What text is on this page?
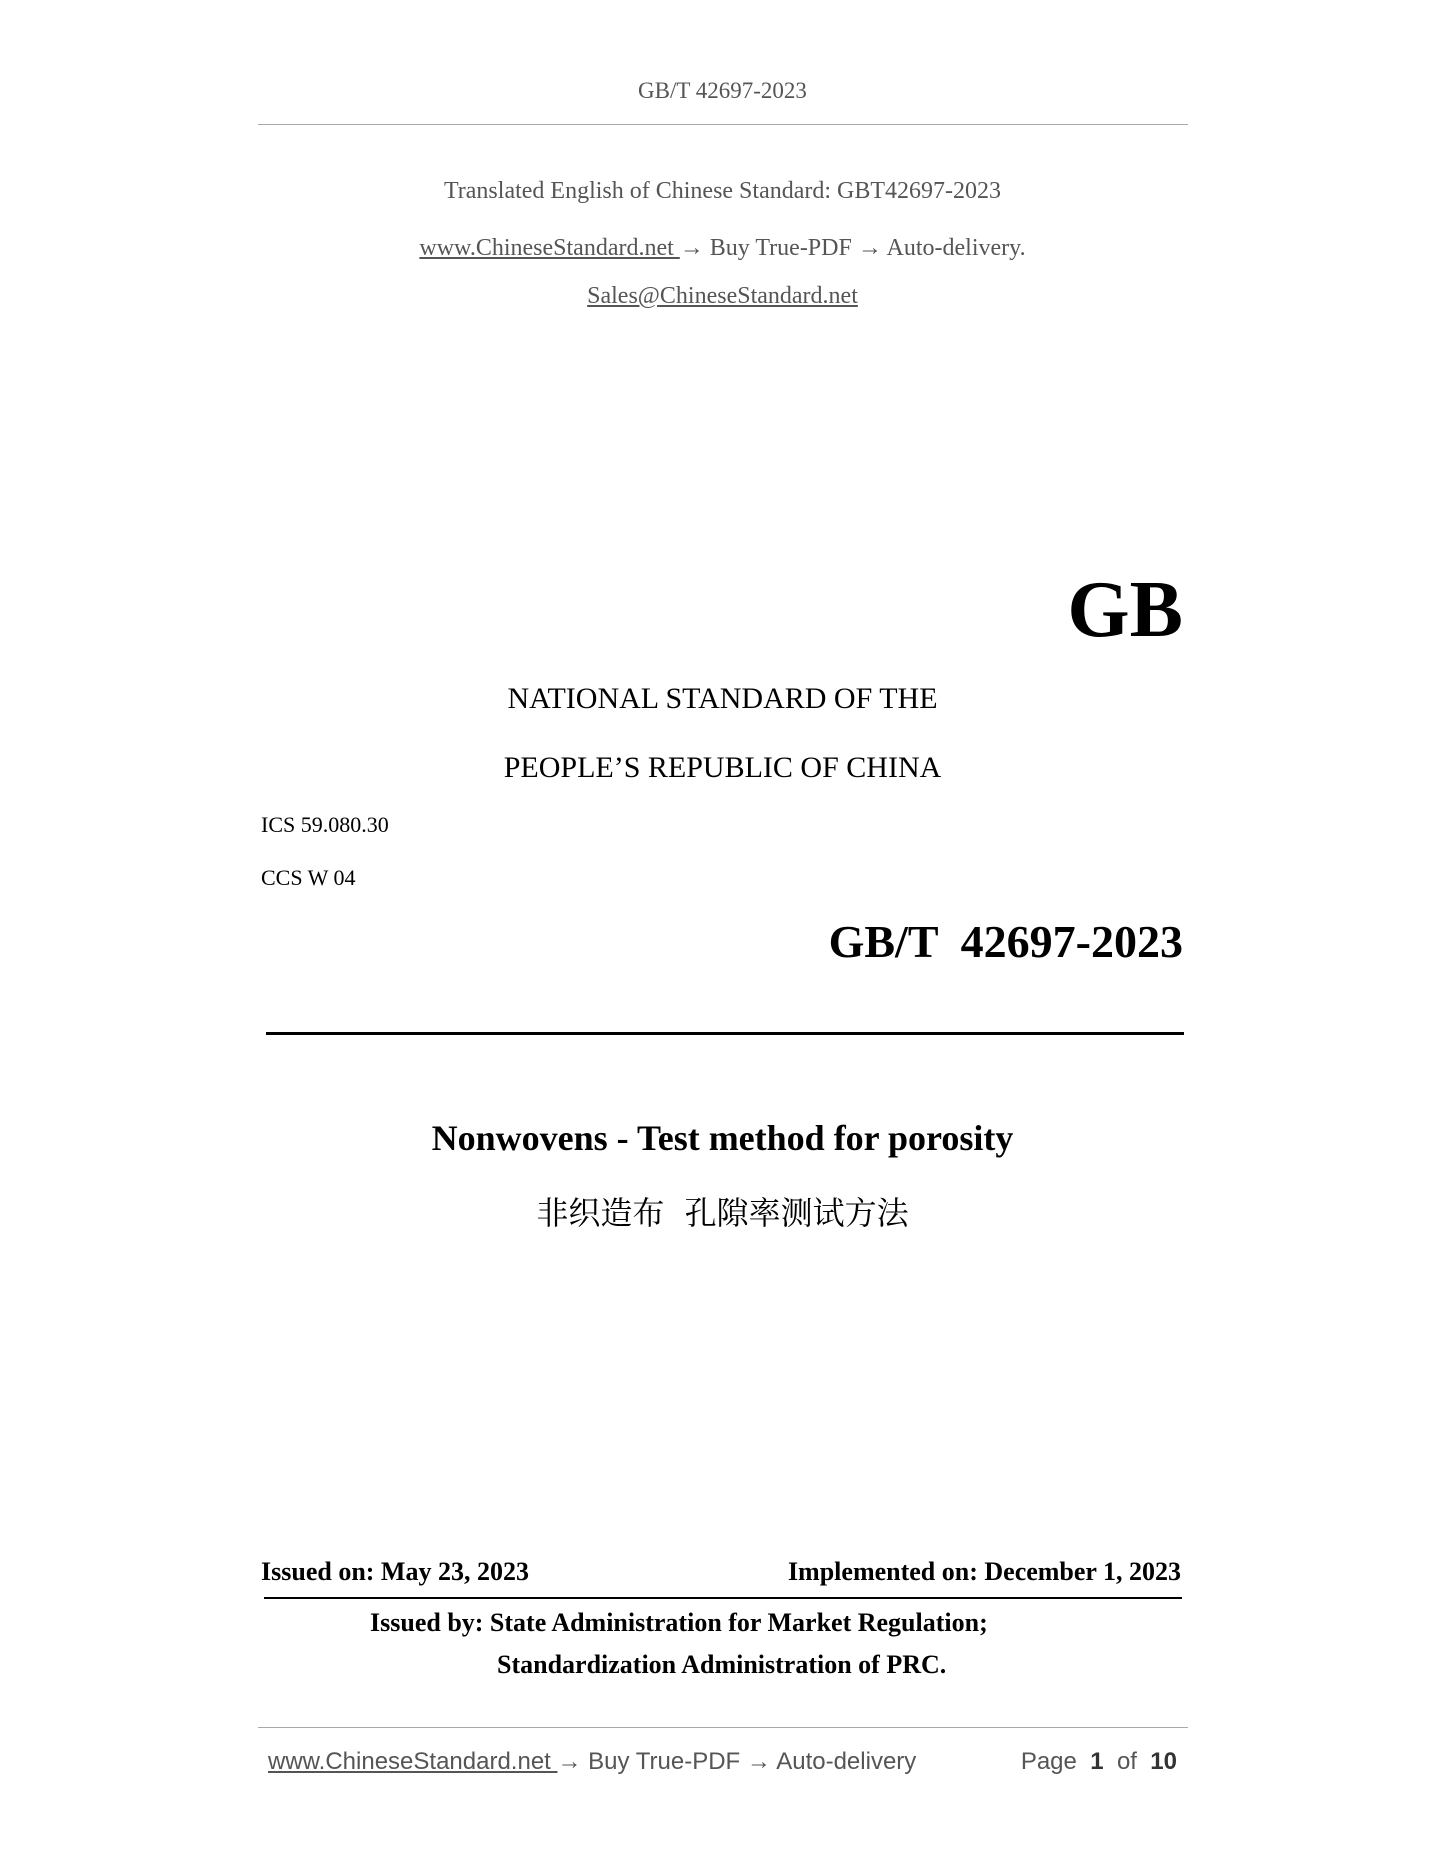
GB/T 42697-2023
Translated English of Chinese Standard: GBT42697-2023
www.ChineseStandard.net → Buy True-PDF → Auto-delivery.
Sales@ChineseStandard.net
GB
NATIONAL STANDARD OF THE
PEOPLE’S REPUBLIC OF CHINA
ICS 59.080.30
CCS W 04
GB/T  42697-2023
Nonwovens - Test method for porosity
非织造布  孔隙率测试方法
Issued on: May 23, 2023	Implemented on: December 1, 2023
Issued by: State Administration for Market Regulation;
Standardization Administration of PRC.
www.ChineseStandard.net → Buy True-PDF → Auto-delivery	Page 1 of 10
